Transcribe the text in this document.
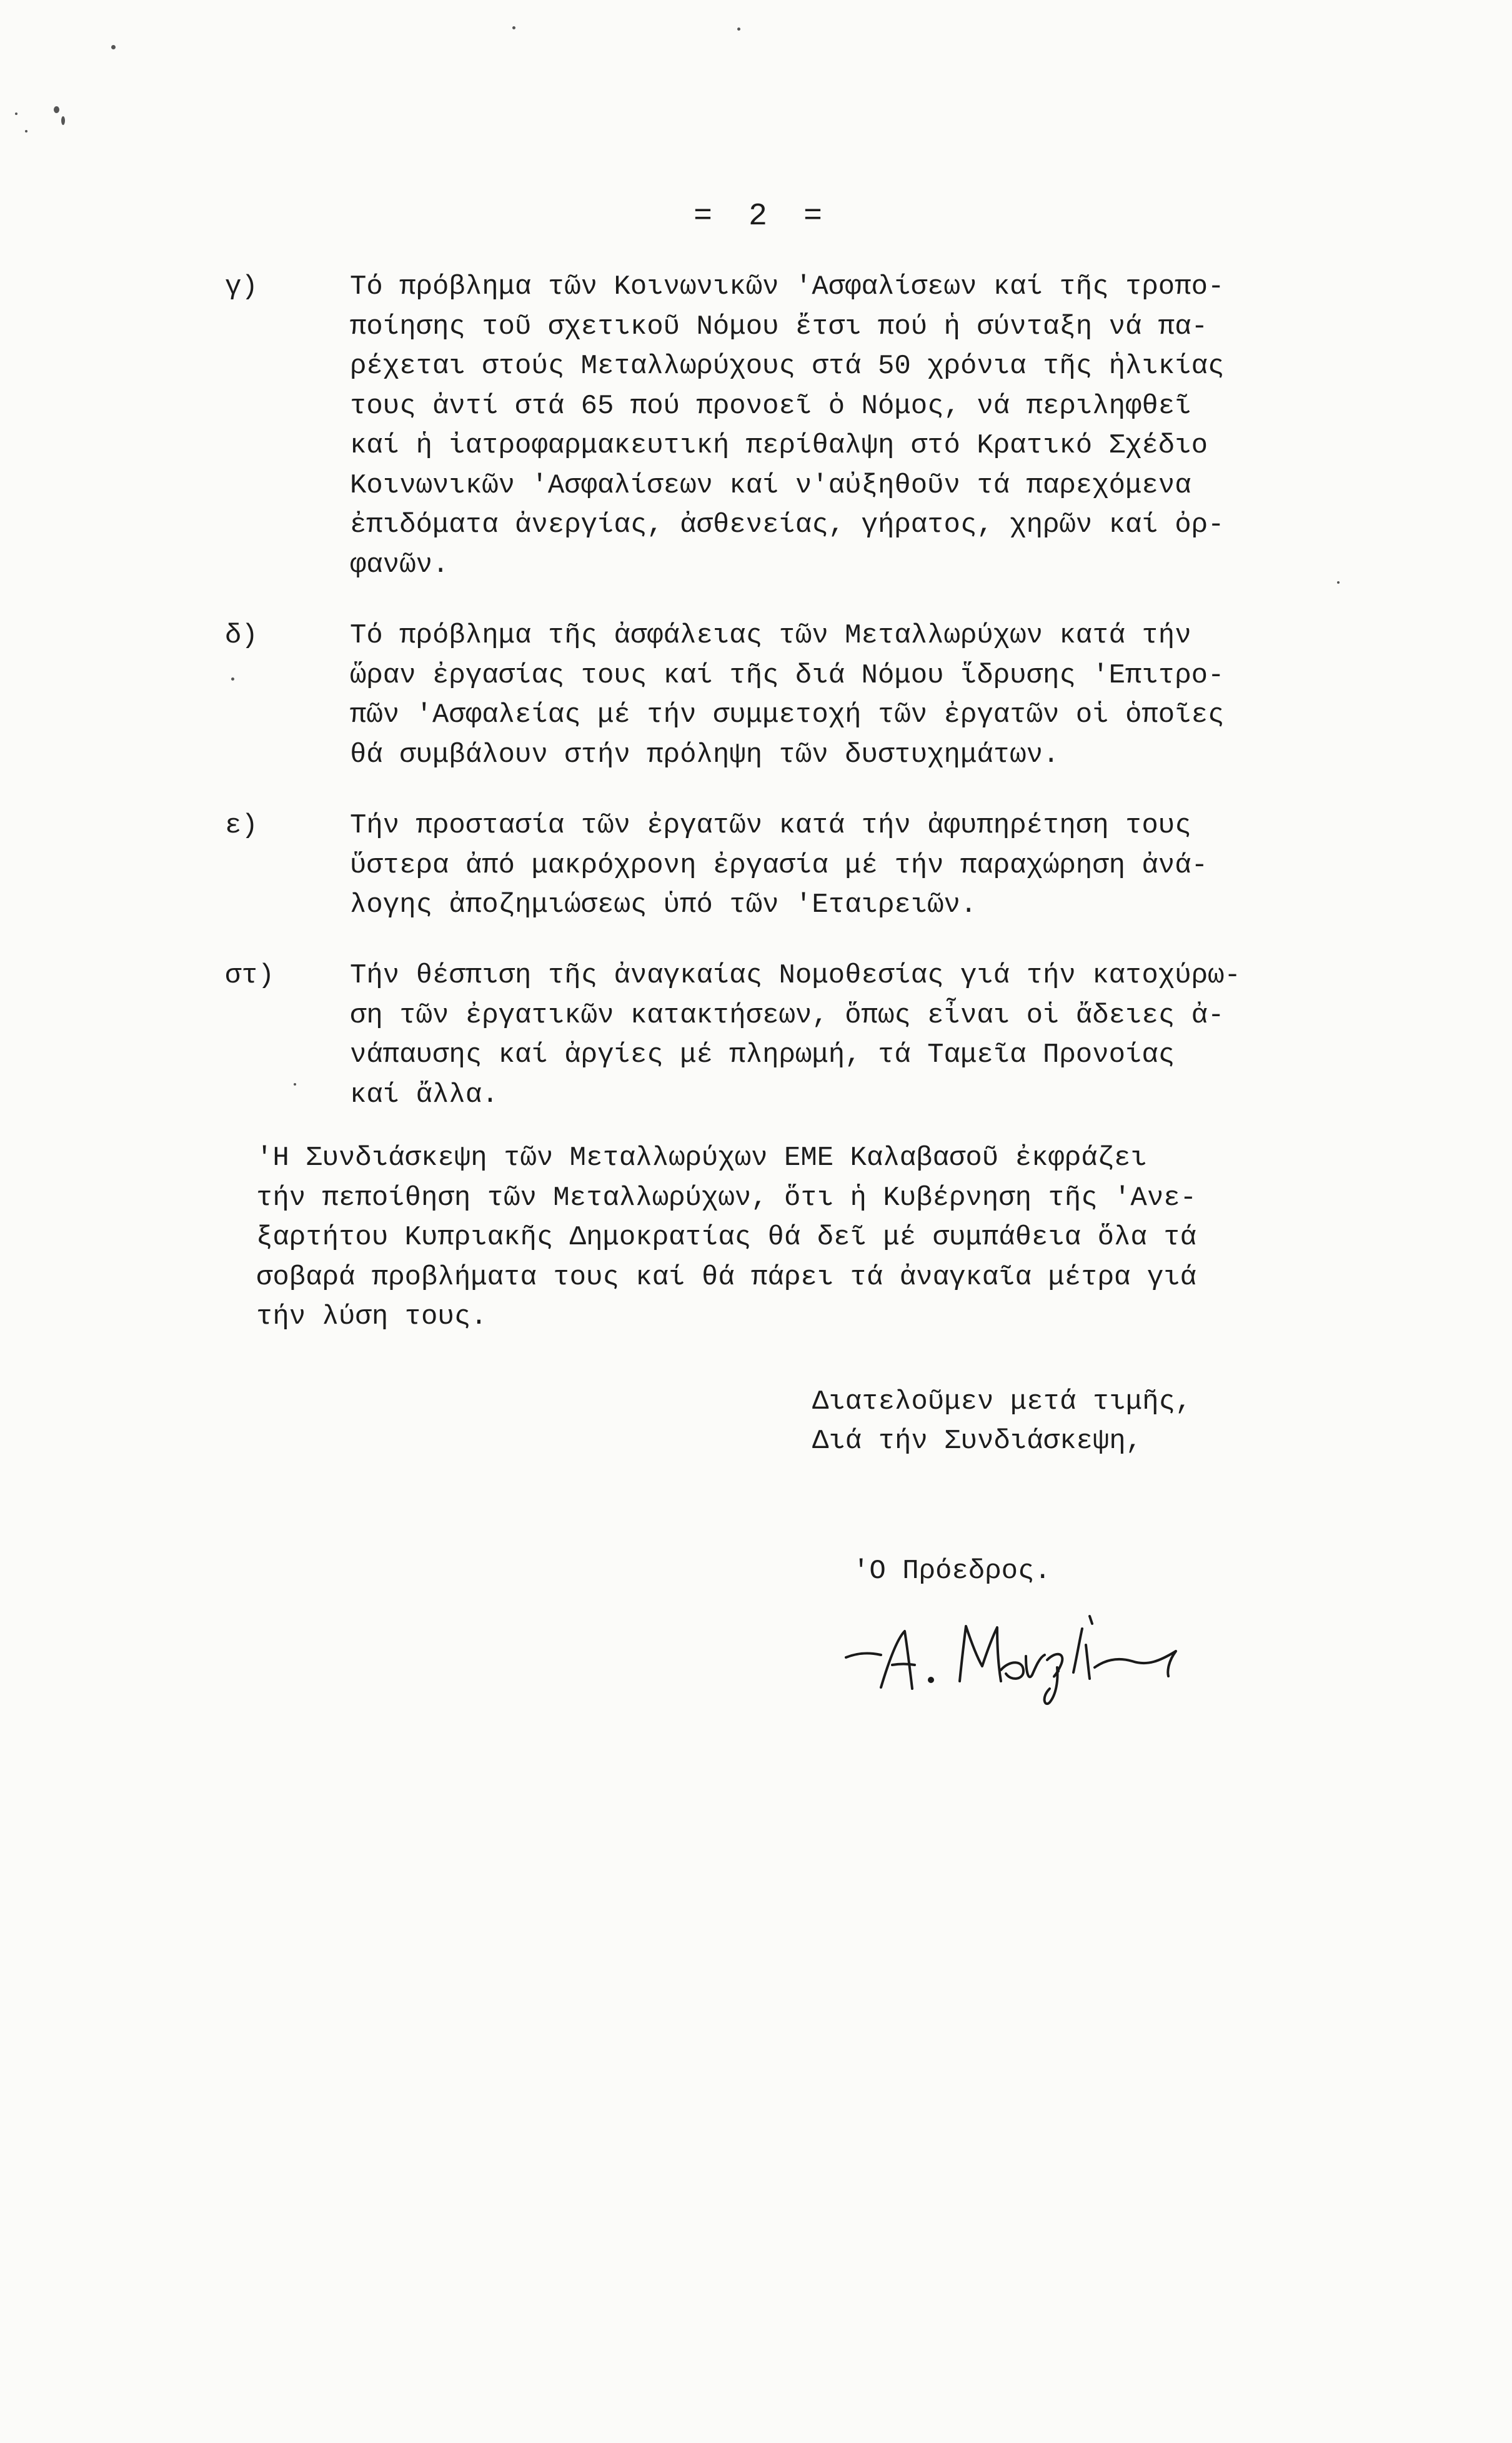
= 2 =
γ)	Τό πρόβλημα τῶν Κοινωνικῶν 'Ασφαλίσεων καί τῆς τροπο-
ποίησης τοῦ σχετικοῦ Νόμου ἔτσι πού ἡ σύνταξη νά πα-
ρέχεται στούς Μεταλλωρύχους στά 50 χρόνια τῆς ἡλικίας
τους ἀντί στά 65 πού προνοεῖ ὁ Νόμος, νά περιληφθεῖ
καί ἡ ἰατροφαρμακευτική περίθαλψη στό Κρατικό Σχέδιο
Κοινωνικῶν 'Ασφαλίσεων καί ν'αὐξηθοῦν τά παρεχόμενα
ἐπιδόματα ἀνεργίας, ἀσθενείας, γήρατος, χηρῶν καί ὀρ-
φανῶν.
δ)	Τό πρόβλημα τῆς ἀσφάλειας τῶν Μεταλλωρύχων κατά τήν
ὥραν ἐργασίας τους καί τῆς διά Νόμου ἵδρυσης 'Επιτρο-
πῶν 'Ασφαλείας μέ τήν συμμετοχή τῶν ἐργατῶν οἱ ὁποῖες
θά συμβάλουν στήν πρόληψη τῶν δυστυχημάτων.
ε)	Τήν προστασία τῶν ἐργατῶν κατά τήν ἀφυπηρέτηση τους
ὕστερα ἀπό μακρόχρονη ἐργασία μέ τήν παραχώρηση ἀνά-
λογης ἀποζημιώσεως ὑπό τῶν 'Εταιρειῶν.
στ)	Τήν θέσπιση τῆς ἀναγκαίας Νομοθεσίας γιά τήν κατοχύρω-
ση τῶν ἐργατικῶν κατακτήσεων, ὅπως εἶναι οἱ ἄδειες ἀ-
νάπαυσης καί ἀργίες μέ πληρωμή, τά Ταμεῖα Προνοίας
καί ἄλλα.
'Η Συνδιάσκεψη τῶν Μεταλλωρύχων ΕΜΕ Καλαβασοῦ ἐκφράζει
τήν πεποίθηση τῶν Μεταλλωρύχων, ὅτι ἡ Κυβέρνηση τῆς 'Ανε-
ξαρτήτου Κυπριακῆς Δημοκρατίας θά δεῖ μέ συμπάθεια ὅλα τά
σοβαρά προβλήματα τους καί θά πάρει τά ἀναγκαῖα μέτρα γιά
τήν λύση τους.
Διατελοῦμεν μετά τιμῆς,
Διά τήν Συνδιάσκεψη,
'Ο Πρόεδρος.
